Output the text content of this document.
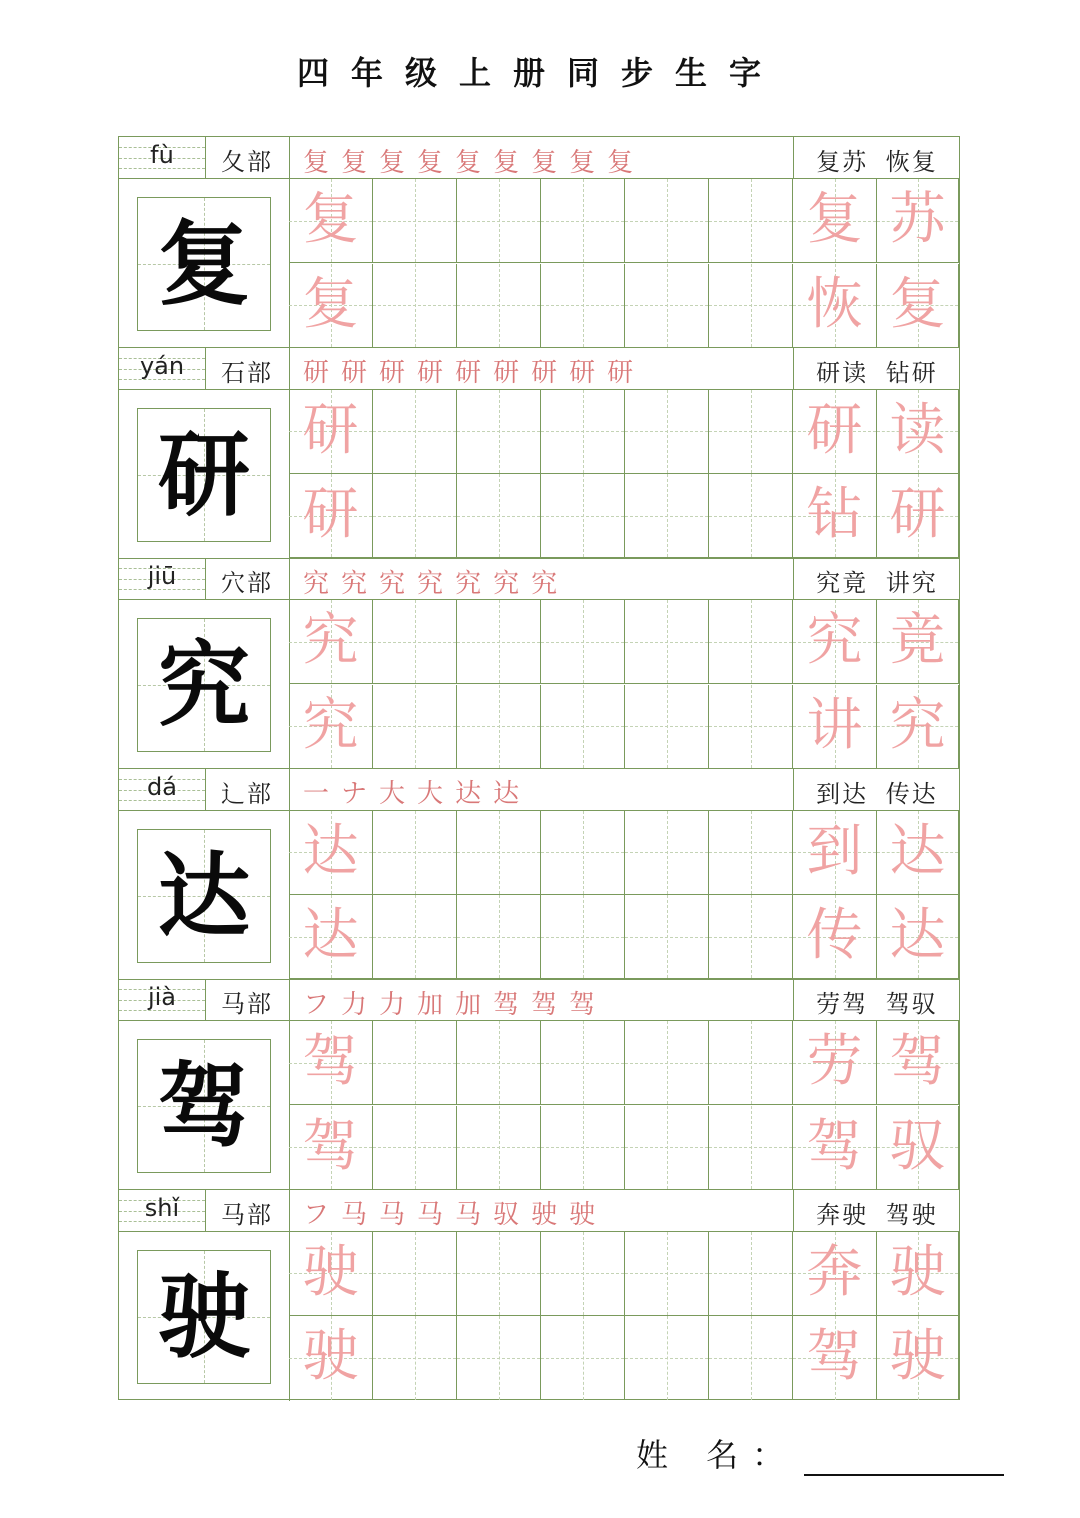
四年级上册同步生字
fù	夂部	复 复 复 复 复 复 复 复 复	复苏 恢复
复 复	复 苏
复	恢 复
yán	石部	研 研 研 研 研 研 研 研 研	研读 钻研
研 研	研 读
研	钻 研
jiū	穴部	究 究 究 究 究 究 究	究竟 讲究
究 究	究 竟
究	讲 究
dá	辶部	一 ナ 大 大 达 达	到达 传达
达 达	到 达
达	传 达
jià	马部	フ 力 力 加 加 驾 驾 驾	劳驾 驾驭
驾 驾	劳 驾
驾	驾 驭
shǐ	马部	フ 马 马 马 马 驭 驶 驶	奔驶 驾驶
驶 驶	奔 驶
驶	驾 驶
姓 名：
